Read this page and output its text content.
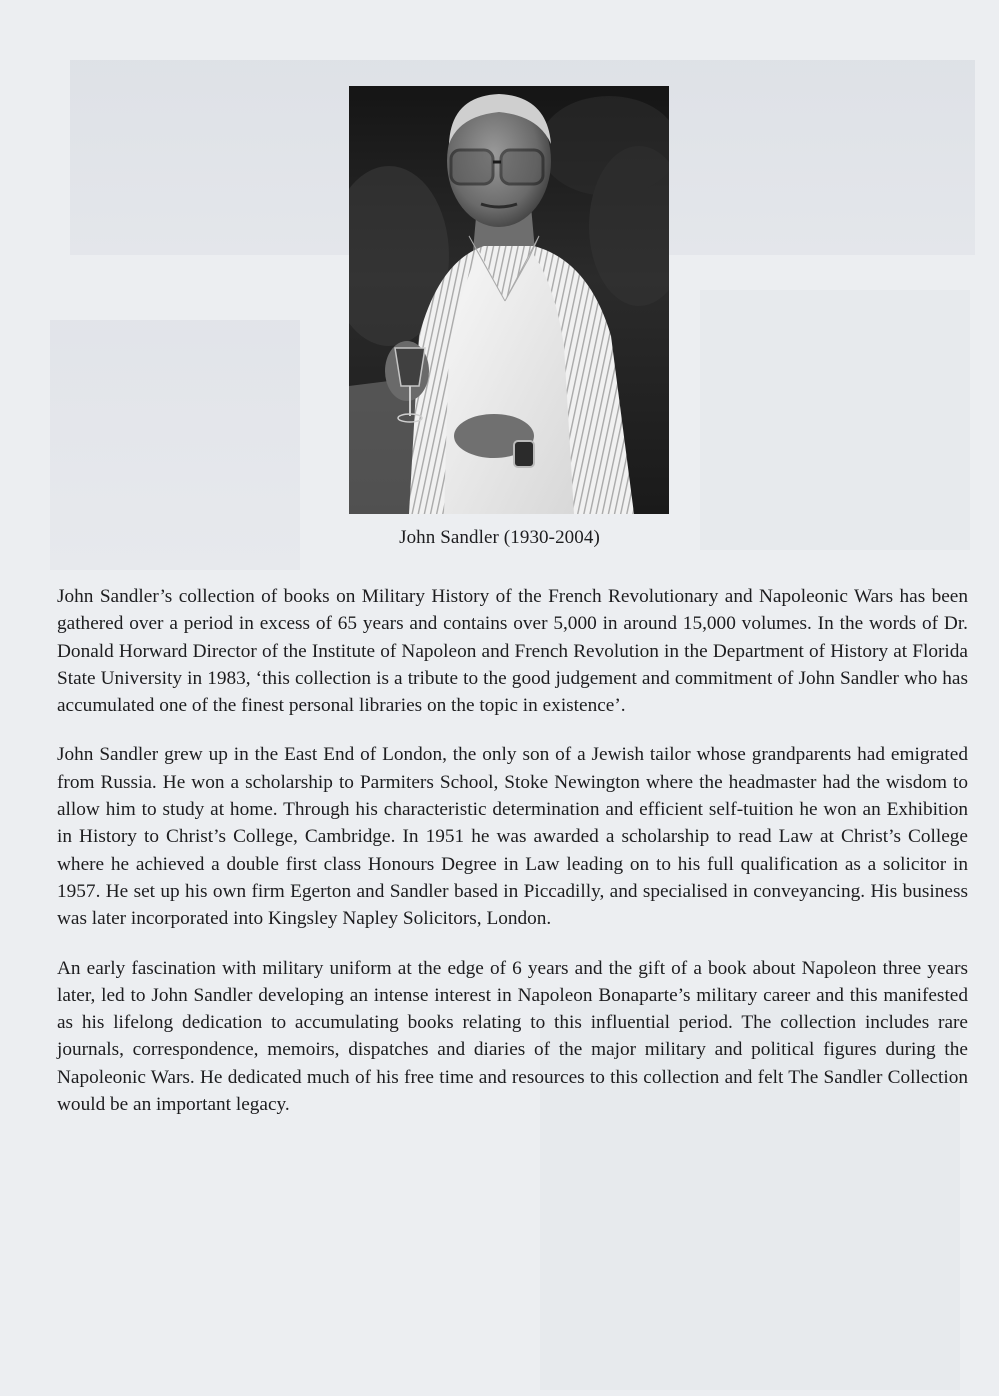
John Sandler (1930-2004)

John Sandler’s collection of books on Military History of the French Revolutionary and Napoleonic Wars has been gathered over a period in excess of 65 years and contains over 5,000 in around 15,000 volumes. In the words of Dr. Donald Horward Director of the Institute of Napoleon and French Revolution in the Department of History at Florida State University in 1983, ‘this collection is a tribute to the good judgement and commitment of John Sandler who has accumulated one of the finest personal libraries on the topic in existence’.

John Sandler grew up in the East End of London, the only son of a Jewish tailor whose grandparents had emigrated from Russia. He won a scholarship to Parmiters School, Stoke Newington where the headmaster had the wisdom to allow him to study at home. Through his characteristic determination and efficient self-tuition he won an Exhibition in History to Christ’s College, Cambridge. In 1951 he was awarded a scholarship to read Law at Christ’s College where he achieved a double first class Honours Degree in Law leading on to his full qualification as a solicitor in 1957. He set up his own firm Egerton and Sandler based in Piccadilly, and specialised in conveyancing. His business was later incorporated into Kingsley Napley Solicitors, London.

An early fascination with military uniform at the edge of 6 years and the gift of a book about Napoleon three years later, led to John Sandler developing an intense interest in Napoleon Bonaparte’s military career and this manifested as his lifelong dedication to accumulating books relating to this influential period. The collection includes rare journals, correspondence, memoirs, dispatches and diaries of the major military and political figures during the Napoleonic Wars. He dedicated much of his free time and resources to this collection and felt The Sandler Collection would be an important legacy.
